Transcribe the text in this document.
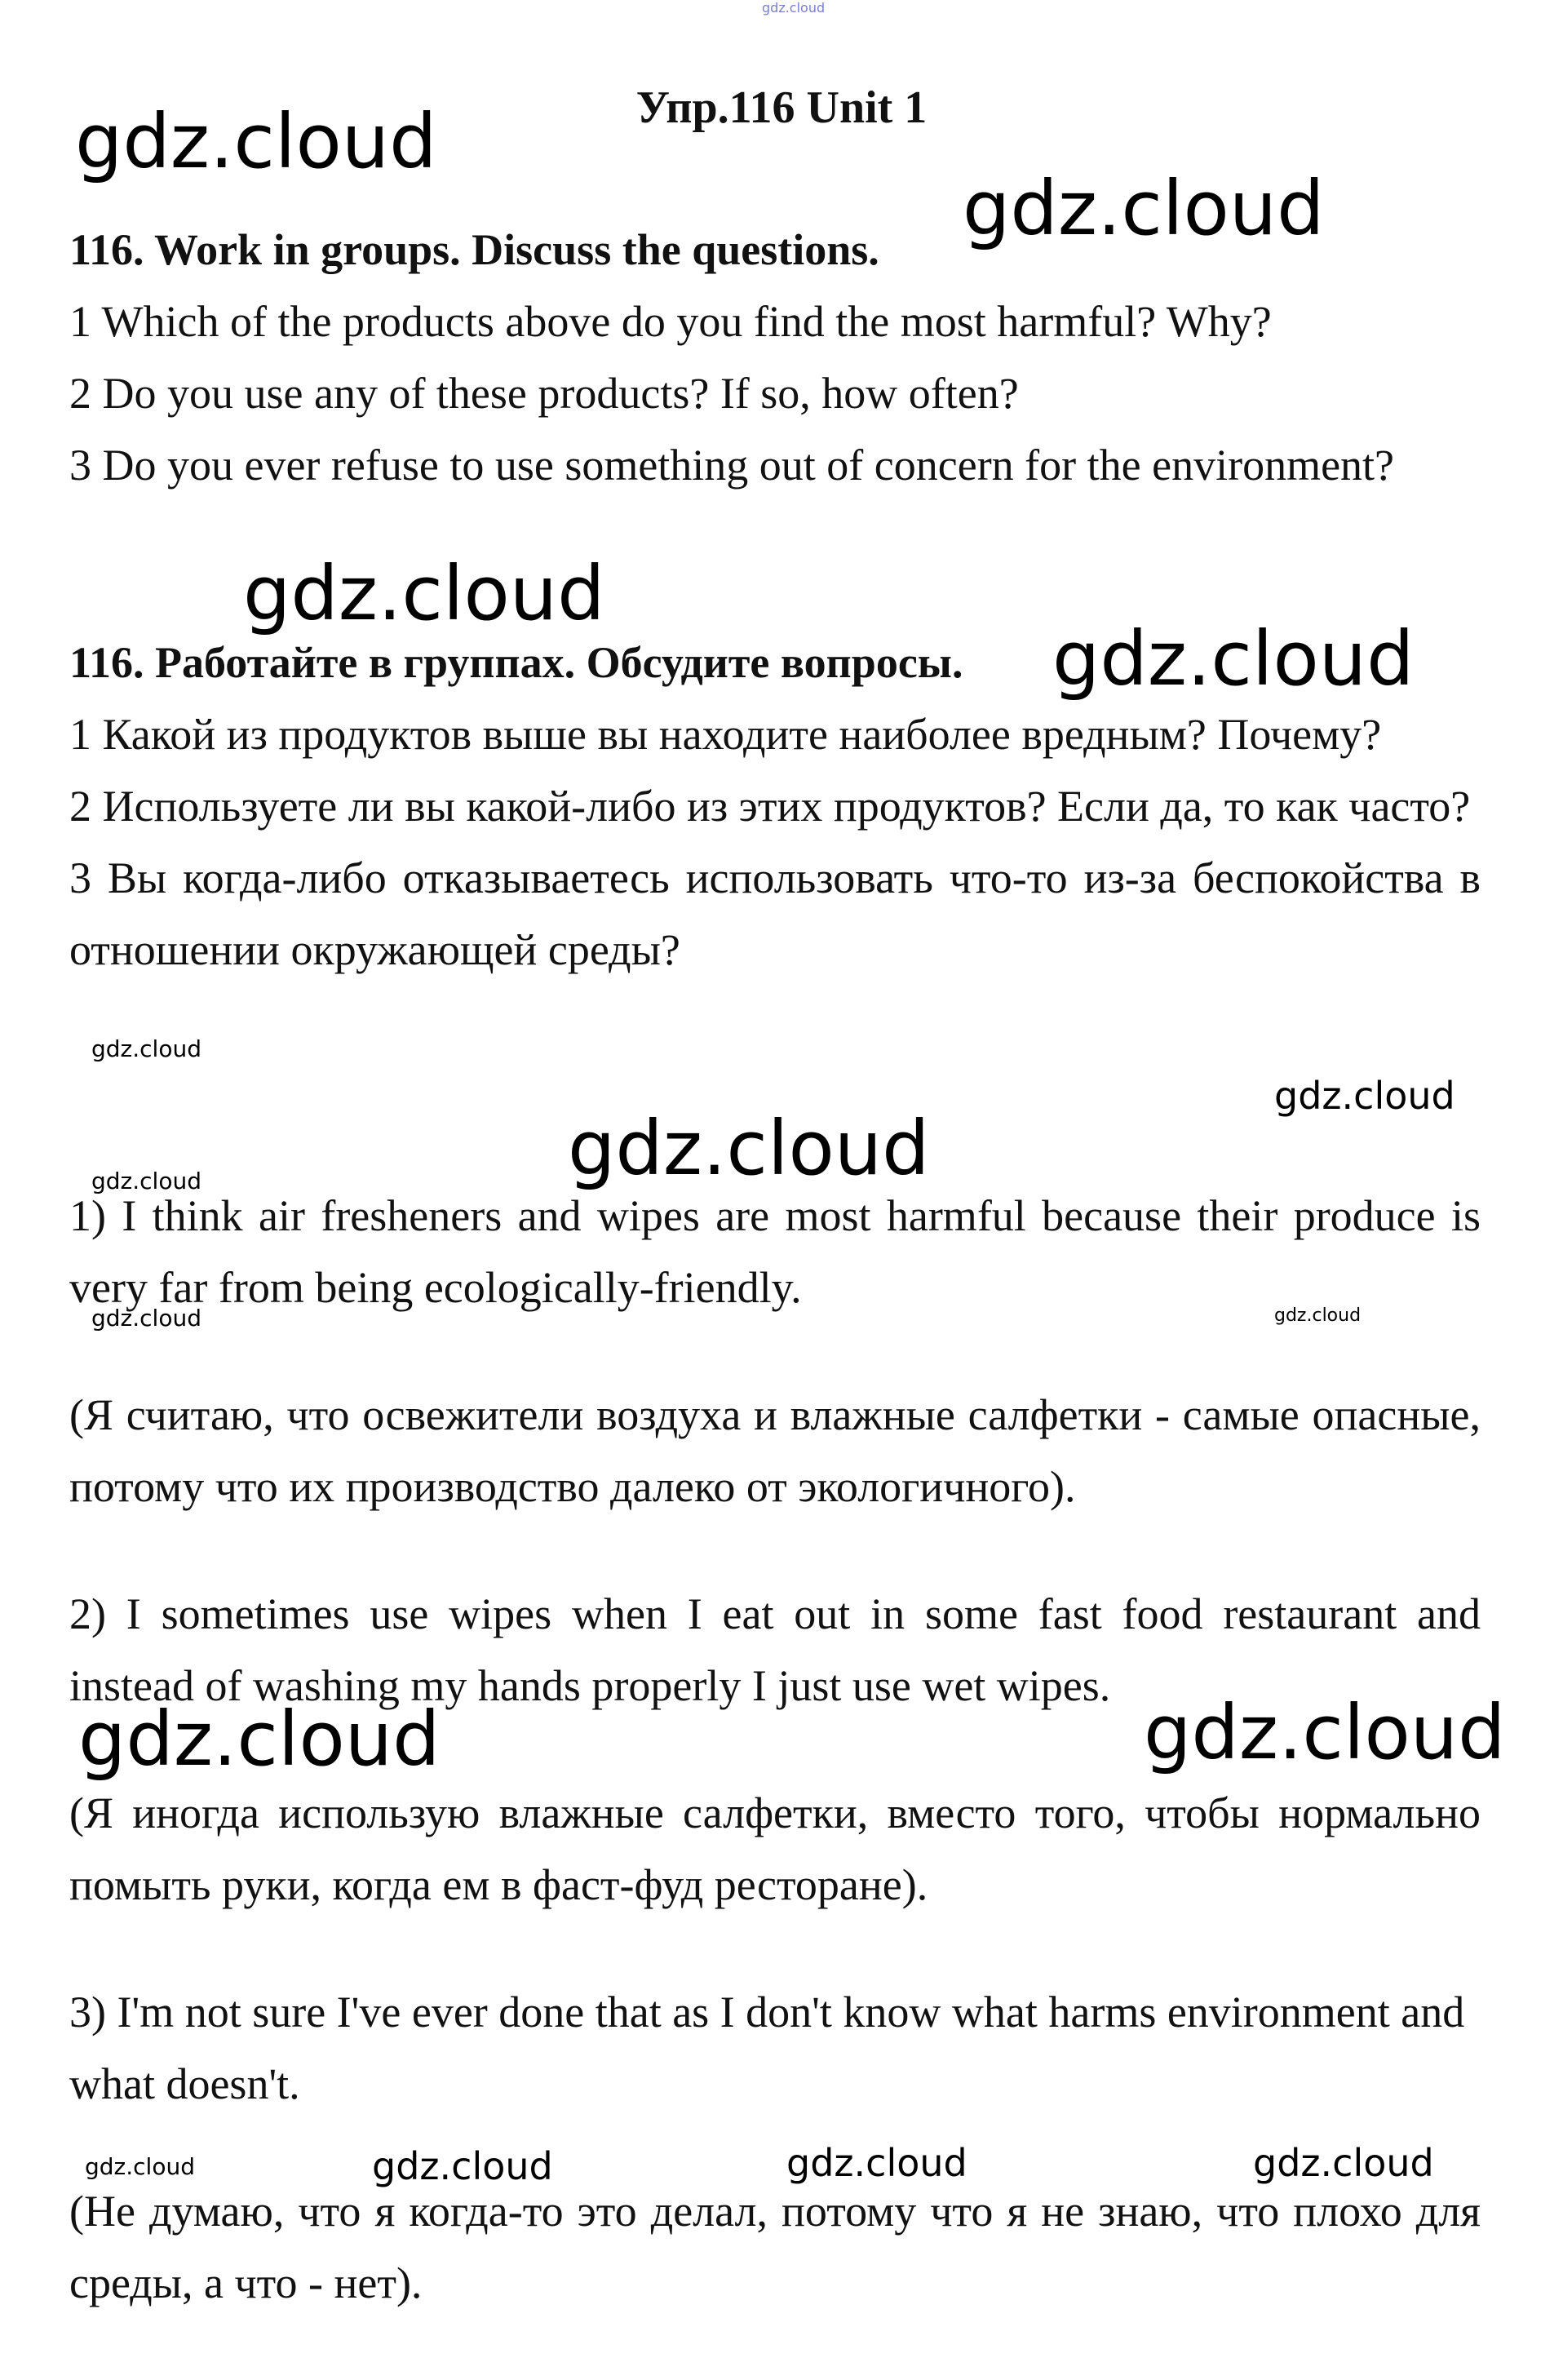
Упр.116 Unit 1

116. Work in groups. Discuss the questions.

1 Which of the products above do you find the most harmful? Why?

2 Do you use any of these products? If so, how often?

3 Do you ever refuse to use something out of concern for the environment?

116. Работайте в группах. Обсудите вопросы.

1 Какой из продуктов выше вы находите наиболее вредным? Почему?

2 Используете ли вы какой-либо из этих продуктов? Если да, то как часто?

3 Вы когда-либо отказываетесь использовать что-то из-за беспокойства в отношении окружающей среды?

1) I think air fresheners and wipes are most harmful because their produce is very far from being ecologically-friendly.

(Я считаю, что освежители воздуха и влажные салфетки - самые опасные, потому что их производство далеко от экологичного).

2) I sometimes use wipes when I eat out in some fast food restaurant and instead of washing my hands properly I just use wet wipes.

(Я иногда использую влажные салфетки, вместо того, чтобы нормально помыть руки, когда ем в фаст-фуд ресторане).

3) I'm not sure I've ever done that as I don't know what harms environment and what doesn't.

(Не думаю, что я когда-то это делал, потому что я не знаю, что плохо для среды, а что - нет).

gdz.cloud
gdz.cloud
gdz.cloud
gdz.cloud
gdz.cloud
gdz.cloud
gdz.cloud
gdz.cloud
gdz.cloud
gdz.cloud	gdz.cloud
gdz.cloud	gdz.cloud
gdz.cloud	gdz.cloud	gdz.cloud	gdz.cloud
